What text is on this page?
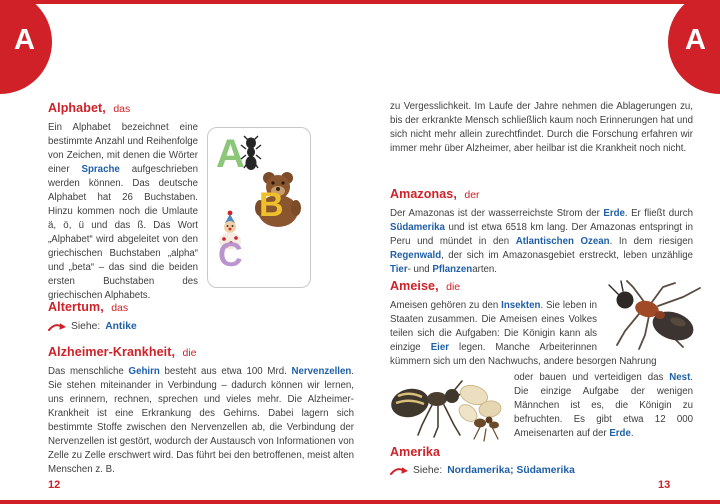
A	A
Alphabet, das
Ein Alphabet bezeichnet eine bestimmte Anzahl und Reihenfolge von Zeichen, mit denen die Wörter einer Sprache aufgeschrieben werden können. Das deutsche Alphabet hat 26 Buchstaben. Hinzu kommen noch die Umlaute ä, ö, ü und das ß. Das Wort „Alphabet“ wird abgeleitet von den griechischen Buchstaben „alpha“ und „beta“ – das sind die beiden ersten Buchstaben des griechischen Alphabets.
A
B
C
Altertum, das
Siehe: Antike
Alzheimer-Krankheit, die
Das menschliche Gehirn besteht aus etwa 100 Mrd. Nervenzellen. Sie stehen miteinander in Verbindung – dadurch können wir lernen, uns erinnern, rechnen, sprechen und vieles mehr. Die Alzheimer-Krankheit ist eine Erkrankung des Gehirns. Dabei lagern sich bestimmte Stoffe zwischen den Nervenzellen ab, die Verbindung der Nervenzellen ist gestört, wodurch der Austausch von Informationen von Zelle zu Zelle erschwert wird. Das führt bei den betroffenen, meist alten Menschen z. B.
12
zu Vergesslichkeit. Im Laufe der Jahre nehmen die Ablagerungen zu, bis der erkrankte Mensch schließlich kaum noch Erinnerungen hat und sich nicht mehr allein zurechtfindet. Durch die Forschung erfahren wir immer mehr über Alzheimer, aber heilbar ist die Krankheit noch nicht.
Amazonas, der
Der Amazonas ist der wasserreichste Strom der Erde. Er fließt durch Südamerika und ist etwa 6518 km lang. Der Amazonas entspringt in Peru und mündet in den Atlantischen Ozean. In dem riesigen Regenwald, der sich im Amazonasgebiet erstreckt, leben unzählige Tier- und Pflanzenarten.
Ameise, die
Ameisen gehören zu den Insekten. Sie leben in Staaten zusammen. Die Ameisen eines Volkes teilen sich die Aufgaben: Die Königin kann als einzige Eier legen. Manche Arbeiterinnen kümmern sich um den Nachwuchs, andere besorgen Nahrung
oder bauen und verteidigen das Nest. Die einzige Aufgabe der wenigen Männchen ist es, die Königin zu befruchten. Es gibt etwa 12 000 Ameisenarten auf der Erde.
Amerika
Siehe: Nordamerika; Südamerika
13
